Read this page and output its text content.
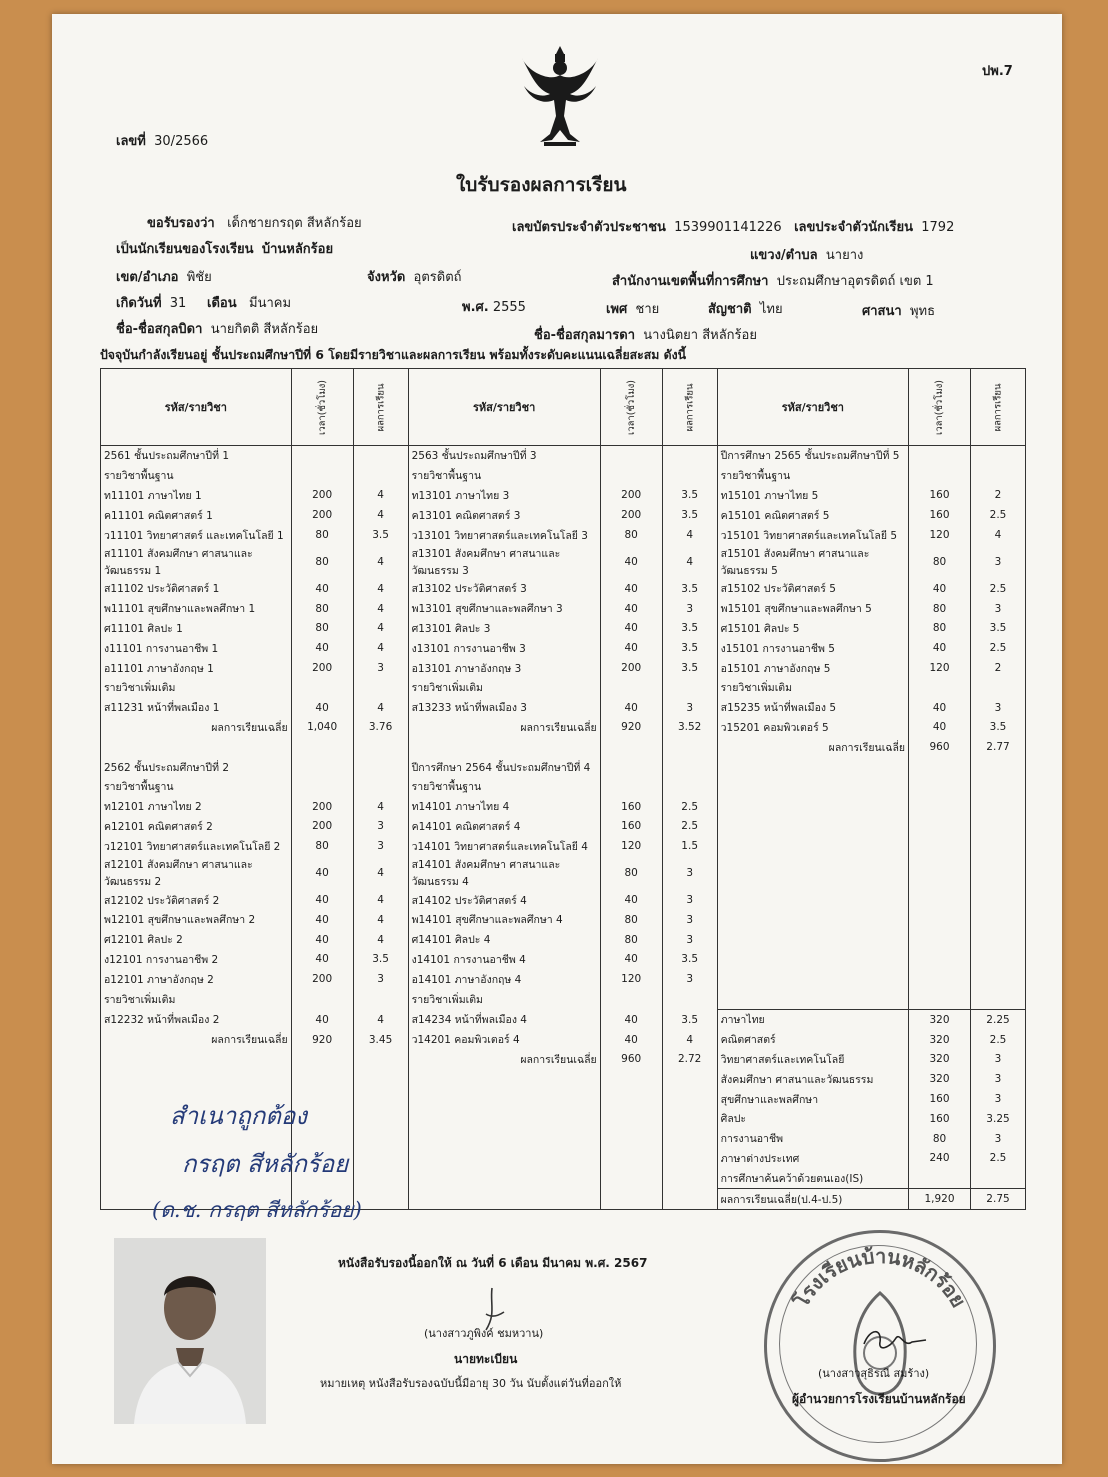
ปพ.7
เลขที่ 30/2566
ใบรับรองผลการเรียน
ขอรับรองว่า เด็กชายกรฤต สีหลักร้อย	เลขบัตรประจำตัวประชาชน 1539901141226 เลขประจำตัวนักเรียน 1792
เป็นนักเรียนของโรงเรียน บ้านหลักร้อย	แขวง/ตำบล นายาง
เขต/อำเภอ พิชัย	จังหวัด อุตรดิตถ์	สำนักงานเขตพื้นที่การศึกษา ประถมศึกษาอุตรดิตถ์ เขต 1
เกิดวันที่ 31 เดือน มีนาคม	พ.ศ. 2555	เพศ ชาย	สัญชาติ ไทย	ศาสนา พุทธ
ชื่อ-ชื่อสกุลบิดา นายกิตติ สีหลักร้อย	ชื่อ-ชื่อสกุลมารดา นางนิตยา สีหลักร้อย
ปัจจุบันกำลังเรียนอยู่ ชั้นประถมศึกษาปีที่ 6 โดยมีรายวิชาและผลการเรียน พร้อมทั้งระดับคะแนนเฉลี่ยสะสม ดังนี้
รหัส/รายวิชา	เวลา(ชั่วโมง)	ผลการเรียน	รหัส/รายวิชา	เวลา(ชั่วโมง)	ผลการเรียน	รหัส/รายวิชา	เวลา(ชั่วโมง)	ผลการเรียน
2561 ชั้นประถมศึกษาปีที่ 1			2563 ชั้นประถมศึกษาปีที่ 3			ปีการศึกษา 2565 ชั้นประถมศึกษาปีที่ 5		
รายวิชาพื้นฐาน			รายวิชาพื้นฐาน			รายวิชาพื้นฐาน		
ท11101 ภาษาไทย 1	200	4	ท13101 ภาษาไทย 3	200	3.5	ท15101 ภาษาไทย 5	160	2
ค11101 คณิตศาสตร์ 1	200	4	ค13101 คณิตศาสตร์ 3	200	3.5	ค15101 คณิตศาสตร์ 5	160	2.5
ว11101 วิทยาศาสตร์ และเทคโนโลยี 1	80	3.5	ว13101 วิทยาศาสตร์และเทคโนโลยี 3	80	4	ว15101 วิทยาศาสตร์และเทคโนโลยี 5	120	4
ส11101 สังคมศึกษา ศาสนาและวัฒนธรรม 1	80	4	ส13101 สังคมศึกษา ศาสนาและวัฒนธรรม 3	40	4	ส15101 สังคมศึกษา ศาสนาและวัฒนธรรม 5	80	3
ส11102 ประวัติศาสตร์ 1	40	4	ส13102 ประวัติศาสตร์ 3	40	3.5	ส15102 ประวัติศาสตร์ 5	40	2.5
พ11101 สุขศึกษาและพลศึกษา 1	80	4	พ13101 สุขศึกษาและพลศึกษา 3	40	3	พ15101 สุขศึกษาและพลศึกษา 5	80	3
ศ11101 ศิลปะ 1	80	4	ศ13101 ศิลปะ 3	40	3.5	ศ15101 ศิลปะ 5	80	3.5
ง11101 การงานอาชีพ 1	40	4	ง13101 การงานอาชีพ 3	40	3.5	ง15101 การงานอาชีพ 5	40	2.5
อ11101 ภาษาอังกฤษ 1	200	3	อ13101 ภาษาอังกฤษ 3	200	3.5	อ15101 ภาษาอังกฤษ 5	120	2
รายวิชาเพิ่มเติม			รายวิชาเพิ่มเติม			รายวิชาเพิ่มเติม		
ส11231 หน้าที่พลเมือง 1	40	4	ส13233 หน้าที่พลเมือง 3	40	3	ส15235 หน้าที่พลเมือง 5	40	3
ผลการเรียนเฉลี่ย	1,040	3.76	ผลการเรียนเฉลี่ย	920	3.52	ว15201 คอมพิวเตอร์ 5	40	3.5
						ผลการเรียนเฉลี่ย	960	2.77
2562 ชั้นประถมศึกษาปีที่ 2			ปีการศึกษา 2564 ชั้นประถมศึกษาปีที่ 4					
รายวิชาพื้นฐาน			รายวิชาพื้นฐาน					
ท12101 ภาษาไทย 2	200	4	ท14101 ภาษาไทย 4	160	2.5			
ค12101 คณิตศาสตร์ 2	200	3	ค14101 คณิตศาสตร์ 4	160	2.5			
ว12101 วิทยาศาสตร์และเทคโนโลยี 2	80	3	ว14101 วิทยาศาสตร์และเทคโนโลยี 4	120	1.5			
ส12101 สังคมศึกษา ศาสนาและวัฒนธรรม 2	40	4	ส14101 สังคมศึกษา ศาสนาและวัฒนธรรม 4	80	3			
ส12102 ประวัติศาสตร์ 2	40	4	ส14102 ประวัติศาสตร์ 4	40	3			
พ12101 สุขศึกษาและพลศึกษา 2	40	4	พ14101 สุขศึกษาและพลศึกษา 4	80	3			
ศ12101 ศิลปะ 2	40	4	ศ14101 ศิลปะ 4	80	3			
ง12101 การงานอาชีพ 2	40	3.5	ง14101 การงานอาชีพ 4	40	3.5			
อ12101 ภาษาอังกฤษ 2	200	3	อ14101 ภาษาอังกฤษ 4	120	3			
รายวิชาเพิ่มเติม			รายวิชาเพิ่มเติม					
ส12232 หน้าที่พลเมือง 2	40	4	ส14234 หน้าที่พลเมือง 4	40	3.5	ภาษาไทย	320	2.25
ผลการเรียนเฉลี่ย	920	3.45	ว14201 คอมพิวเตอร์ 4	40	4	คณิตศาสตร์	320	2.5
			ผลการเรียนเฉลี่ย	960	2.72	วิทยาศาสตร์และเทคโนโลยี	320	3
						สังคมศึกษา ศาสนาและวัฒนธรรม	320	3
						สุขศึกษาและพลศึกษา	160	3
						ศิลปะ	160	3.25
						การงานอาชีพ	80	3
						ภาษาต่างประเทศ	240	2.5
						การศึกษาค้นคว้าด้วยตนเอง(IS)		
						ผลการเรียนเฉลี่ย(ป.4-ป.5)	1,920	2.75
สำเนาถูกต้อง
กรฤต สีหลักร้อย
(ด.ช. กรฤต สีหลักร้อย)
หนังสือรับรองนี้ออกให้ ณ วันที่ 6 เดือน มีนาคม พ.ศ. 2567
(นางสาวภูพิงค์ ชมหวาน)
นายทะเบียน
หมายเหตุ หนังสือรับรองฉบับนี้มีอายุ 30 วัน นับตั้งแต่วันที่ออกให้
โรงเรียนบ้านหลักร้อย
(นางสาวสุธิรณี สมร้าง)
ผู้อำนวยการโรงเรียนบ้านหลักร้อย
